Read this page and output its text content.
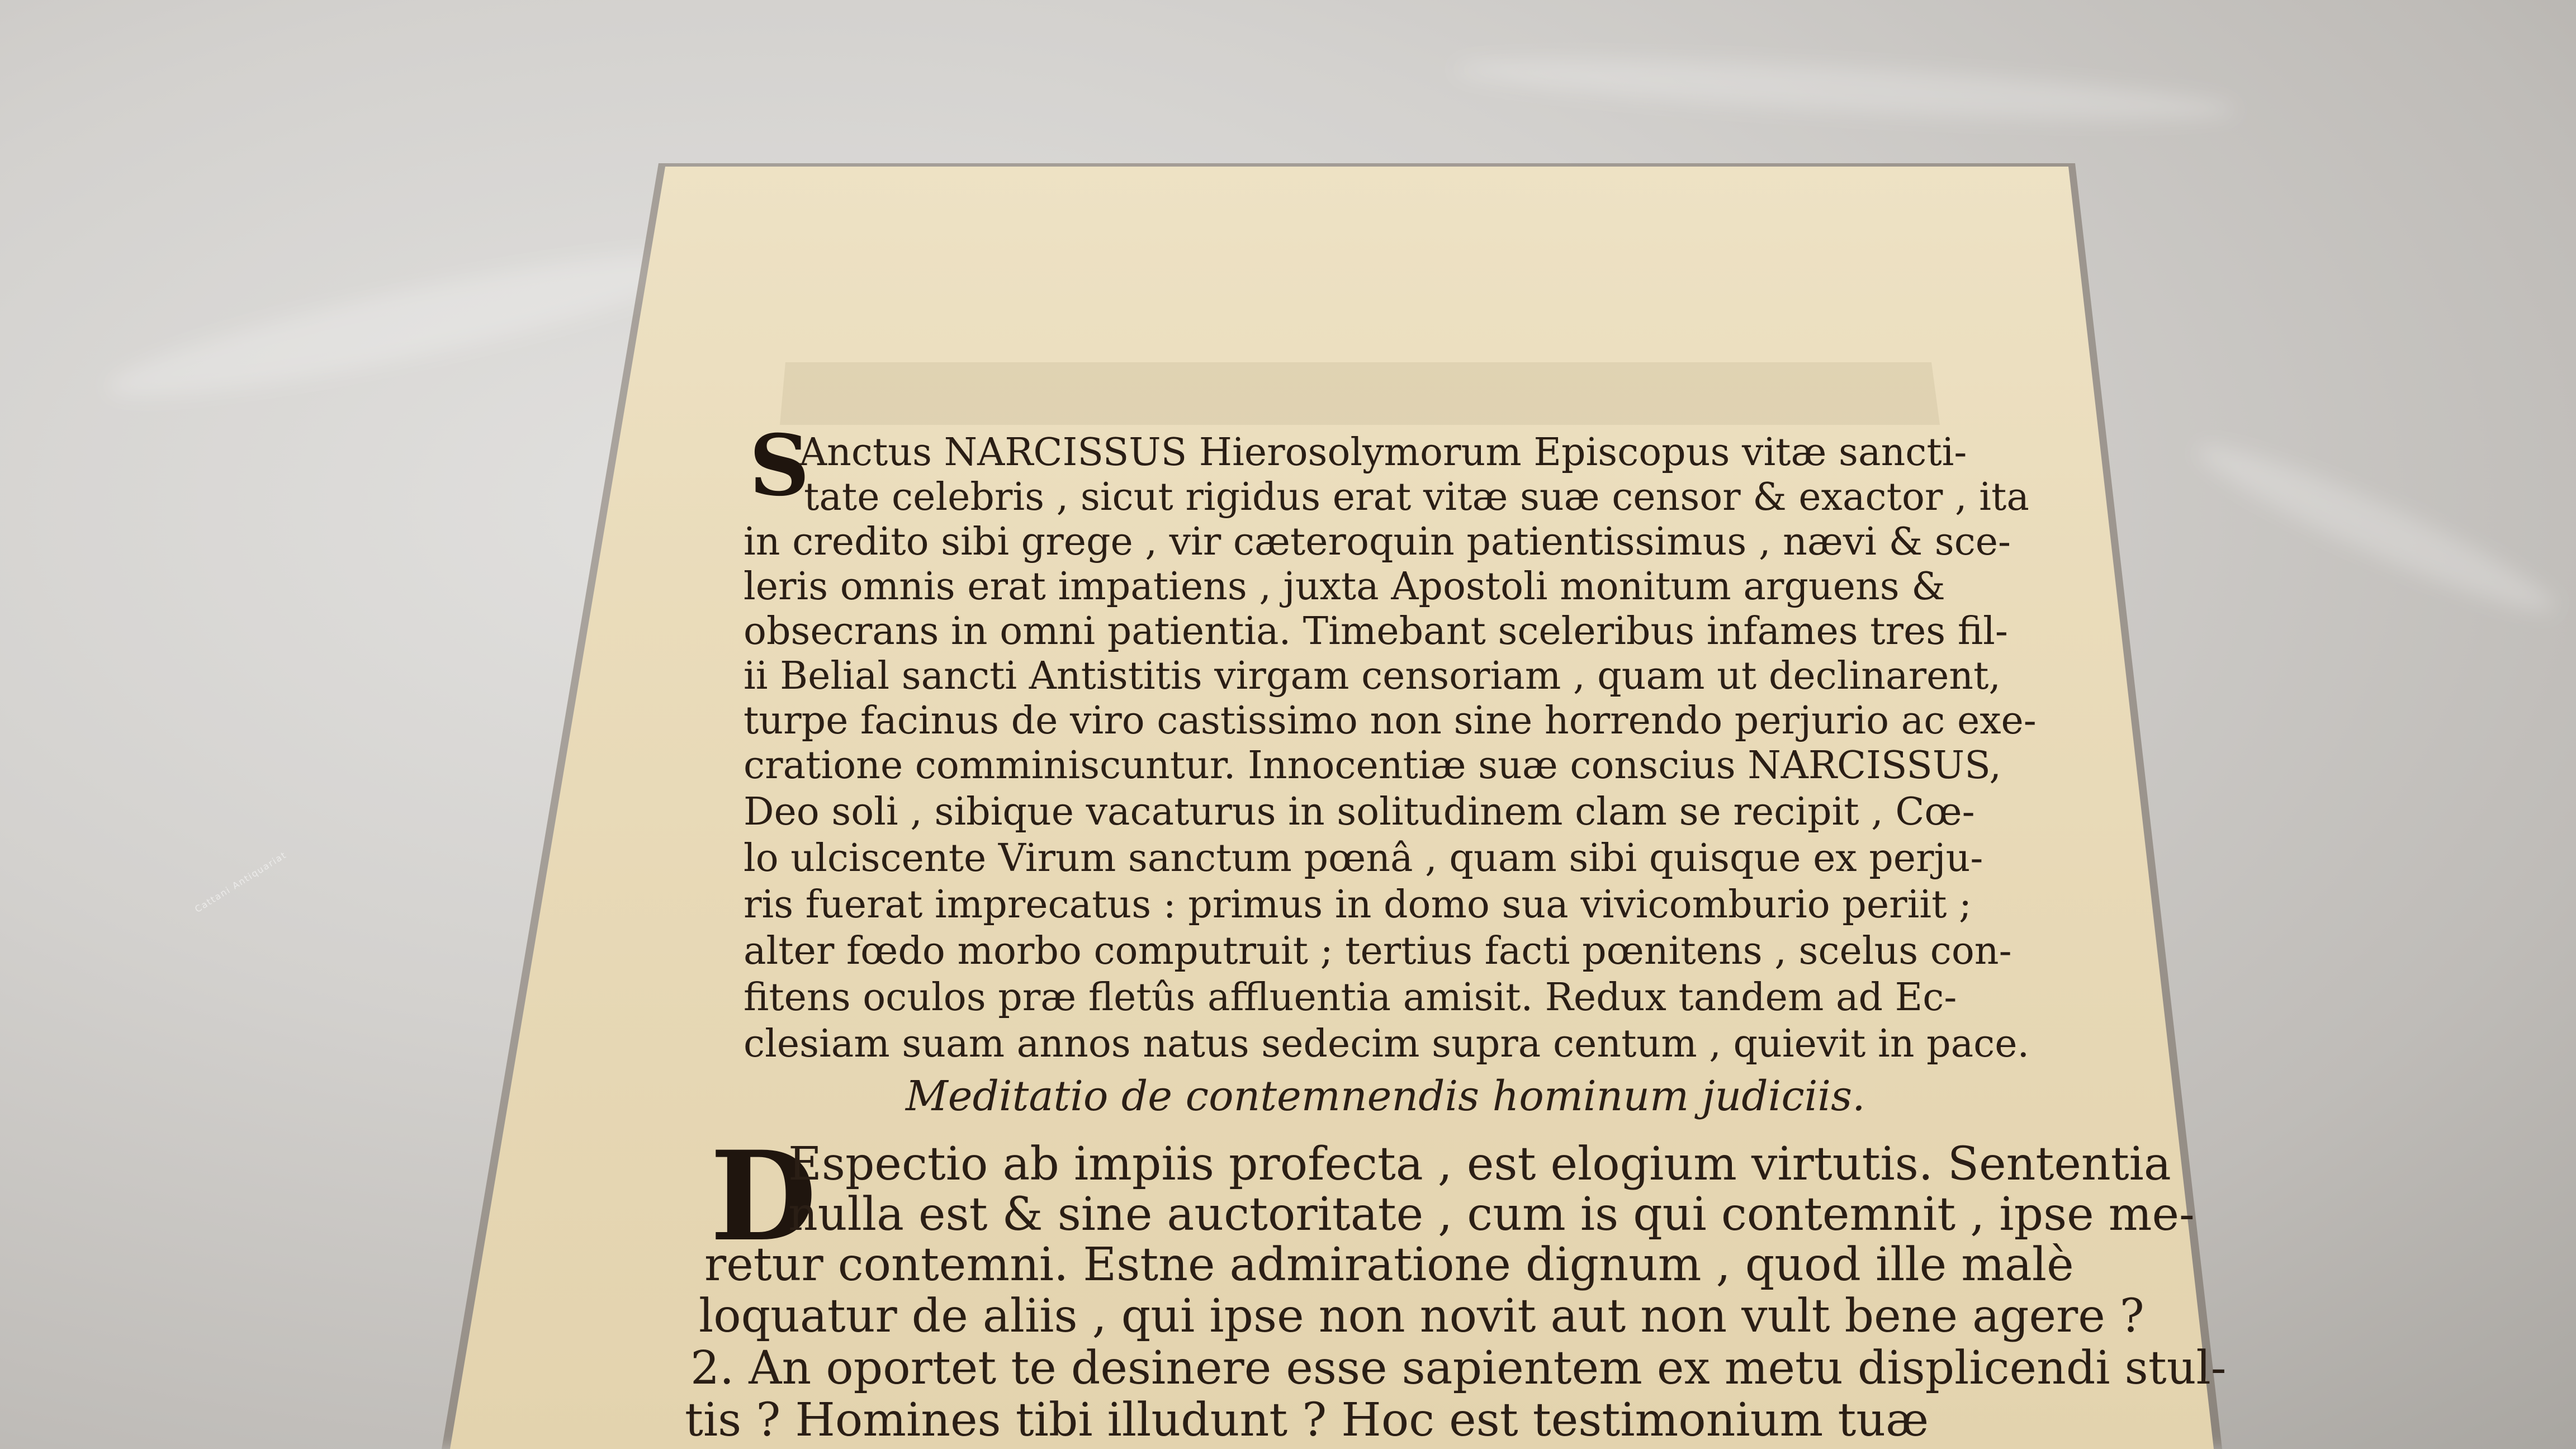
Cattani Antiquariat
S
Anctus NARCISSUS Hierosolymorum Episcopus vitæ sancti-
tate celebris , sicut rigidus erat vitæ suæ censor & exactor , ita
in credito sibi grege , vir cæteroquin patientissimus , nævi & sce-
leris omnis erat impatiens , juxta Apostoli monitum arguens &
obsecrans in omni patientia. Timebant sceleribus infames tres fil-
ii Belial sancti Antistitis virgam censoriam , quam ut declinarent,
turpe facinus de viro castissimo non sine horrendo perjurio ac exe-
cratione comminiscuntur. Innocentiæ suæ conscius NARCISSUS,
Deo soli , sibique vacaturus in solitudinem clam se recipit , Cœ-
lo ulciscente Virum sanctum pœnâ , quam sibi quisque ex perju-
ris fuerat imprecatus : primus in domo sua vivicomburio periit ;
alter fœdo morbo computruit ; tertius facti pœnitens , scelus con-
fitens oculos præ fletûs affluentia amisit. Redux tandem ad Ec-
clesiam suam annos natus sedecim supra centum , quievit in pace.
Meditatio de contemnendis hominum judiciis.
D
Espectio ab impiis profecta , est elogium virtutis. Sententia
nulla est & sine auctoritate , cum is qui contemnit , ipse me-
retur contemni. Estne admiratione dignum , quod ille malè
loquatur de aliis , qui ipse non novit aut non vult bene agere ?
2. An oportet te desinere esse sapientem ex metu displicendi stul-
tis ? Homines tibi illudunt ? Hoc est testimonium tuæ
